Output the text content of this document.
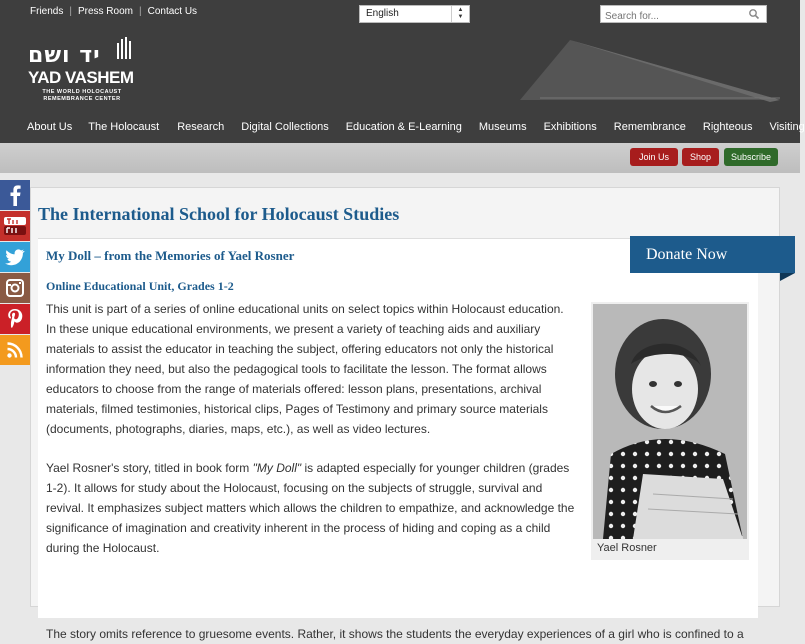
Friends | Press Room | Contact Us	English	▲
▼
Search for...
יד ושם
YAD VASHEM
THE WORLD HOLOCAUST
REMEMBRANCE CENTER
About Us The Holocaust Research Digital Collections Education & E-Learning Museums Exhibitions Remembrance Righteous Visiting
Join Us	Shop	Subscribe
The International School for Holocaust Studies
My Doll – from the Memories of Yael Rosner
Online Educational Unit, Grades 1-2

This unit is part of a series of online educational units on select topics within Holocaust education. In these unique educational environments, we present a variety of teaching aids and auxiliary materials to assist the educator in teaching the subject, offering educators not only the historical information they need, but also the pedagogical tools to facilitate the lesson. The format allows educators to choose from the range of materials offered: lesson plans, presentations, archival materials, filmed testimonies, historical clips, Pages of Testimony and primary source materials (documents, photographs, diaries, maps, etc.), as well as video lectures.

Yael Rosner's story, titled in book form "My Doll" is adapted especially for younger children (grades 1-2). It allows for study about the Holocaust, focusing on the subjects of struggle, survival and revival. It emphasizes subject matters which allows the children to empathize, and acknowledge the significance of imagination and creativity inherent in the process of hiding and coping as a child during the Holocaust.

The story omits reference to gruesome events. Rather, it shows the students the everyday experiences of a girl who is confined to a

Yael Rosner
Donate Now
